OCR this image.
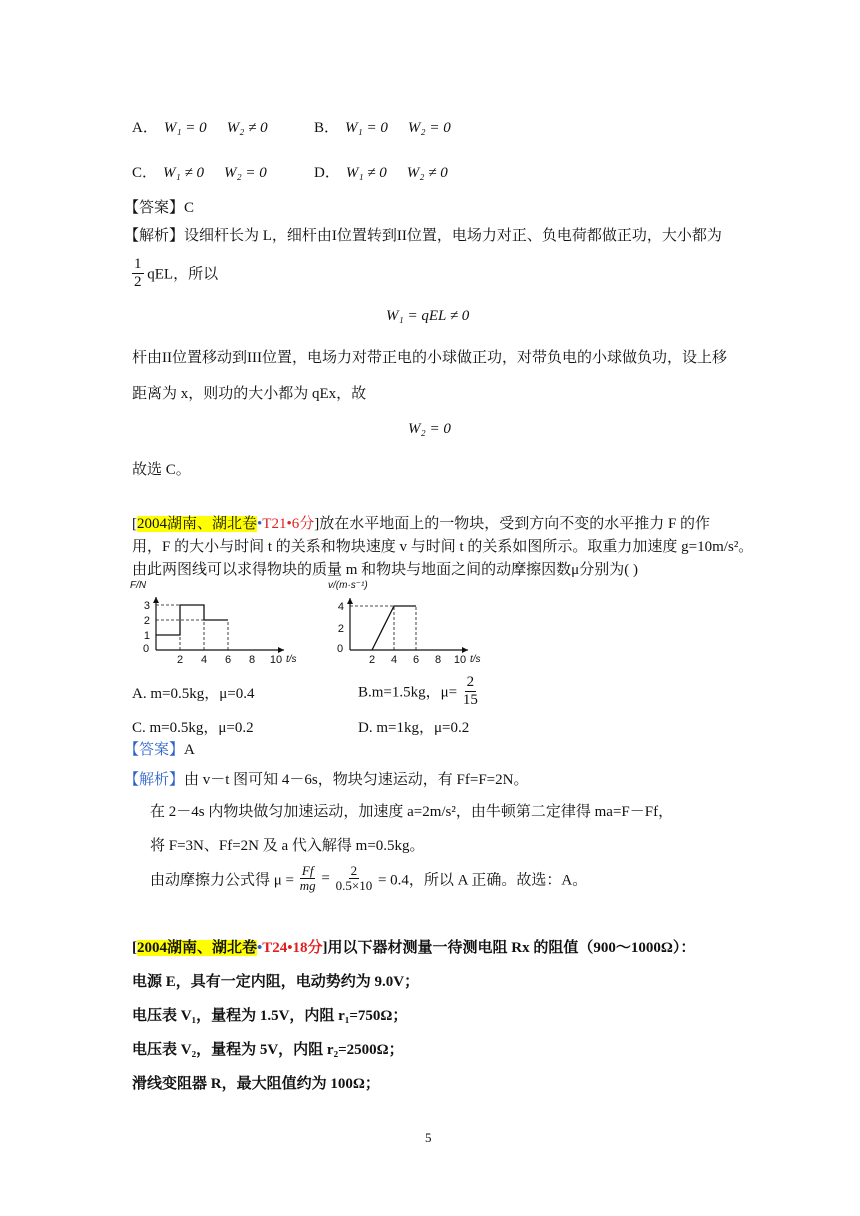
A． W₁ = 0 W₂ ≠ 0	B． W₁ = 0 W₂ = 0
C． W₁ ≠ 0 W₂ = 0	D． W₁ ≠ 0 W₂ ≠ 0
【答案】C
【解析】设细杆长为 L，细杆由I位置转到II位置，电场力对正、负电荷都做正功，大小都为
$\frac{1}{2}$ qEL，所以
W₁ = qEL ≠ 0
杆由II位置移动到III位置，电场力对带正电的小球做正功，对带负电的小球做负功，设上移
距离为 x，则功的大小都为 qEx，故
W₂ = 0
故选 C。
[2004湖南、湖北卷•T21•6分]放在水平地面上的一物块，受到方向不变的水平推力 F 的作
用，F 的大小与时间 t 的关系和物块速度 v 与时间 t 的关系如图所示。取重力加速度 g=10m/s²。
由此两图线可以求得物块的质量 m 和物块与地面之间的动摩擦因数μ分别为( )
F/N
t/s
0
2 4 6 8 10
1
2
3
v/(m·s⁻¹)
t/s
0
2 4 6 8 10
2
4
A. m=0.5kg，μ=0.4	B.m=1.5kg，$\mu= \frac{2}{15}$
C. m=0.5kg，μ=0.2	D. m=1kg，μ=0.2
【答案】A
【解析】由 v－t 图可知 4－6s，物块匀速运动，有 Ff=F=2N。
在 2－4s 内物块做匀加速运动，加速度 a=2m/s²，由牛顿第二定律得 ma=F－Ff，
将 F=3N、Ff=2N 及 a 代入解得 m=0.5kg。
由动摩擦力公式得 $\mu = \frac{Ff}{mg} = \frac{2}{0.5\times 10} = 0.4$，所以 A 正确。故选：A。
[2004湖南、湖北卷•T24•18分]用以下器材测量一待测电阻 Rx 的阻值（900～1000Ω）：
电源 E，具有一定内阻，电动势约为 9.0V；
电压表 V₁，量程为 1.5V，内阻 r₁=750Ω；
电压表 V₂，量程为 5V，内阻 r₂=2500Ω；
滑线变阻器 R，最大阻值约为 100Ω；
5
